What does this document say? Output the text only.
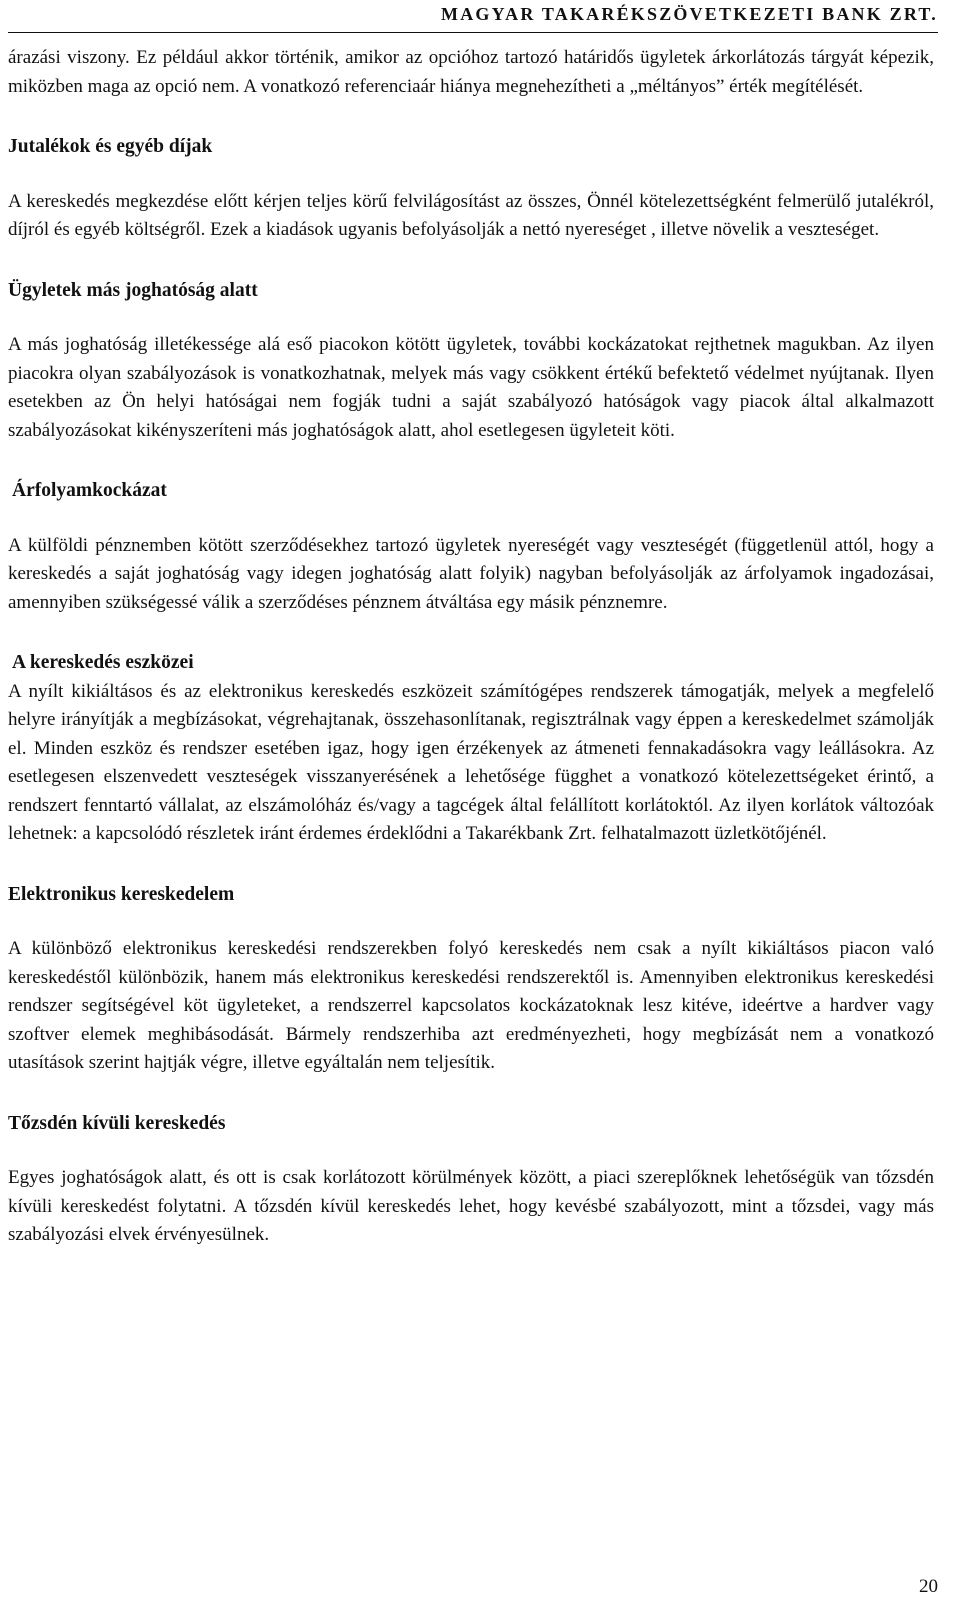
MAGYAR TAKARÉKSZÖVETKEZETI BANK ZRT.

árazási viszony. Ez például akkor történik, amikor az opcióhoz tartozó határidős ügyletek árkorlátozás tárgyát képezik, miközben maga az opció nem. A vonatkozó referenciaár hiánya megnehezítheti a „méltányos” érték megítélését.

Jutalékok és egyéb díjak

A kereskedés megkezdése előtt kérjen teljes körű felvilágosítást az összes, Önnél kötelezettségként felmerülő jutalékról, díjról és egyéb költségről. Ezek a kiadások ugyanis befolyásolják a nettó nyereséget , illetve növelik a veszteséget.

Ügyletek más joghatóság alatt

A más joghatóság illetékessége alá eső piacokon kötött ügyletek, további kockázatokat rejthetnek magukban. Az ilyen piacokra olyan szabályozások is vonatkozhatnak, melyek más vagy csökkent értékű befektető védelmet nyújtanak. Ilyen esetekben az Ön helyi hatóságai nem fogják tudni a saját szabályozó hatóságok vagy piacok által alkalmazott szabályozásokat kikényszeríteni más joghatóságok alatt, ahol esetlegesen ügyleteit köti.

Árfolyamkockázat

A külföldi pénznemben kötött szerződésekhez tartozó ügyletek nyereségét vagy veszteségét (függetlenül attól, hogy a kereskedés a saját joghatóság vagy idegen joghatóság alatt folyik) nagyban befolyásolják az árfolyamok ingadozásai, amennyiben szükségessé válik a szerződéses pénznem átváltása egy másik pénznemre.

A kereskedés eszközei

A nyílt kikiáltásos és az elektronikus kereskedés eszközeit számítógépes rendszerek támogatják, melyek a megfelelő helyre irányítják a megbízásokat, végrehajtanak, összehasonlítanak, regisztrálnak vagy éppen a kereskedelmet számolják el. Minden eszköz és rendszer esetében igaz, hogy igen érzékenyek az átmeneti fennakadásokra vagy leállásokra. Az esetlegesen elszenvedett veszteségek visszanyerésének a lehetősége függhet a vonatkozó kötelezettségeket érintő, a rendszert fenntartó vállalat, az elszámolóház és/vagy a tagcégek által felállított korlátoktól. Az ilyen korlátok változóak lehetnek: a kapcsolódó részletek iránt érdemes érdeklődni a Takarékbank Zrt. felhatalmazott üzletkötőjénél.

Elektronikus kereskedelem

A különböző elektronikus kereskedési rendszerekben folyó kereskedés nem csak a nyílt kikiáltásos piacon való kereskedéstől különbözik, hanem más elektronikus kereskedési rendszerektől is. Amennyiben elektronikus kereskedési rendszer segítségével köt ügyleteket, a rendszerrel kapcsolatos kockázatoknak lesz kitéve, ideértve a hardver vagy szoftver elemek meghibásodását. Bármely rendszerhiba azt eredményezheti, hogy megbízását nem a vonatkozó utasítások szerint hajtják végre, illetve egyáltalán nem teljesítik.

Tőzsdén kívüli kereskedés

Egyes joghatóságok alatt, és ott is csak korlátozott körülmények között, a piaci szereplőknek lehetőségük van tőzsdén kívüli kereskedést folytatni. A tőzsdén kívül kereskedés lehet, hogy kevésbé szabályozott, mint a tőzsdei, vagy más szabályozási elvek érvényesülnek.

20
